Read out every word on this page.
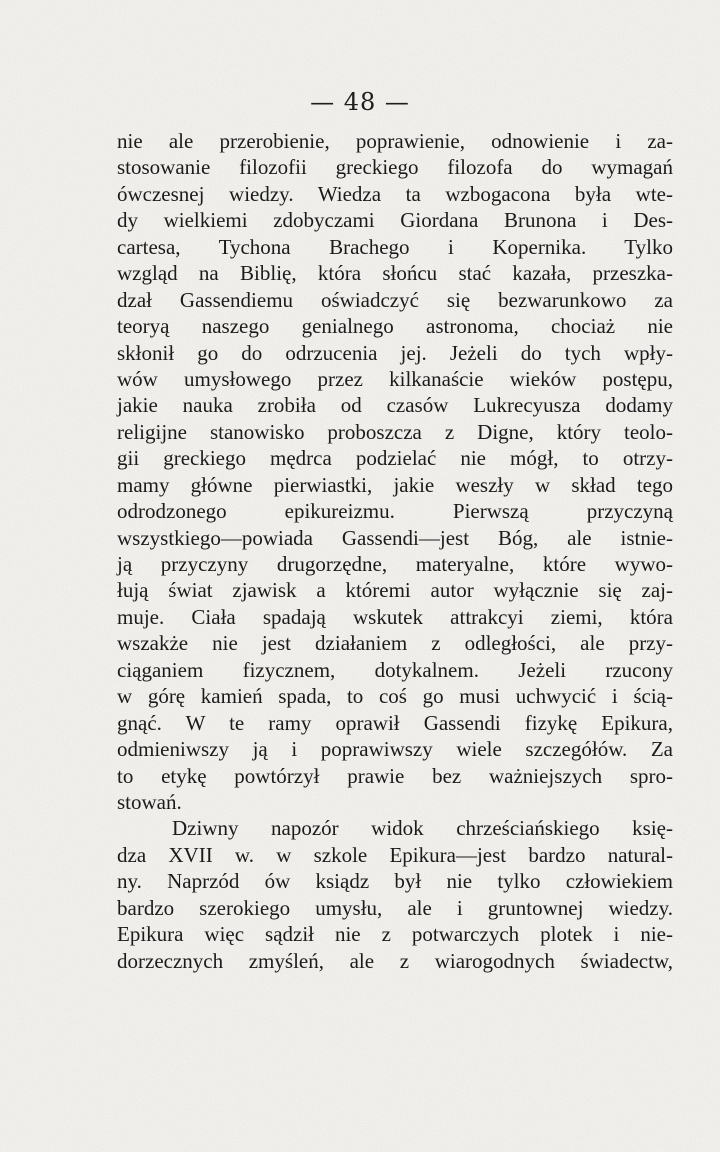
— 48 —
nie ale przerobienie, poprawienie, odnowienie i za-
stosowanie filozofii greckiego filozofa do wymagań
ówczesnej wiedzy. Wiedza ta wzbogacona była wte-
dy wielkiemi zdobyczami Giordana Brunona i Des-
cartesa, Tychona Brachego i Kopernika. Tylko
wzgląd na Biblię, która słońcu stać kazała, przeszka-
dzał Gassendiemu oświadczyć się bezwarunkowo za
teoryą naszego genialnego astronoma, chociaż nie
skłonił go do odrzucenia jej. Jeżeli do tych wpły-
wów umysłowego przez kilkanaście wieków postępu,
jakie nauka zrobiła od czasów Lukrecyusza dodamy
religijne stanowisko proboszcza z Digne, który teolo-
gii greckiego mędrca podzielać nie mógł, to otrzy-
mamy główne pierwiastki, jakie weszły w skład tego
odrodzonego epikureizmu. Pierwszą przyczyną
wszystkiego—powiada Gassendi—jest Bóg, ale istnie-
ją przyczyny drugorzędne, materyalne, które wywo-
łują świat zjawisk a któremi autor wyłącznie się zaj-
muje. Ciała spadają wskutek attrakcyi ziemi, która
wszakże nie jest działaniem z odległości, ale przy-
ciąganiem fizycznem, dotykalnem. Jeżeli rzucony
w górę kamień spada, to coś go musi uchwycić i ścią-
gnąć. W te ramy oprawił Gassendi fizykę Epikura,
odmieniwszy ją i poprawiwszy wiele szczegółów. Za
to etykę powtórzył prawie bez ważniejszych spro-
stowań.
Dziwny napozór widok chrześciańskiego księ-
dza XVII w. w szkole Epikura—jest bardzo natural-
ny. Naprzód ów ksiądz był nie tylko człowiekiem
bardzo szerokiego umysłu, ale i gruntownej wiedzy.
Epikura więc sądził nie z potwarczych plotek i nie-
dorzecznych zmyśleń, ale z wiarogodnych świadectw,
